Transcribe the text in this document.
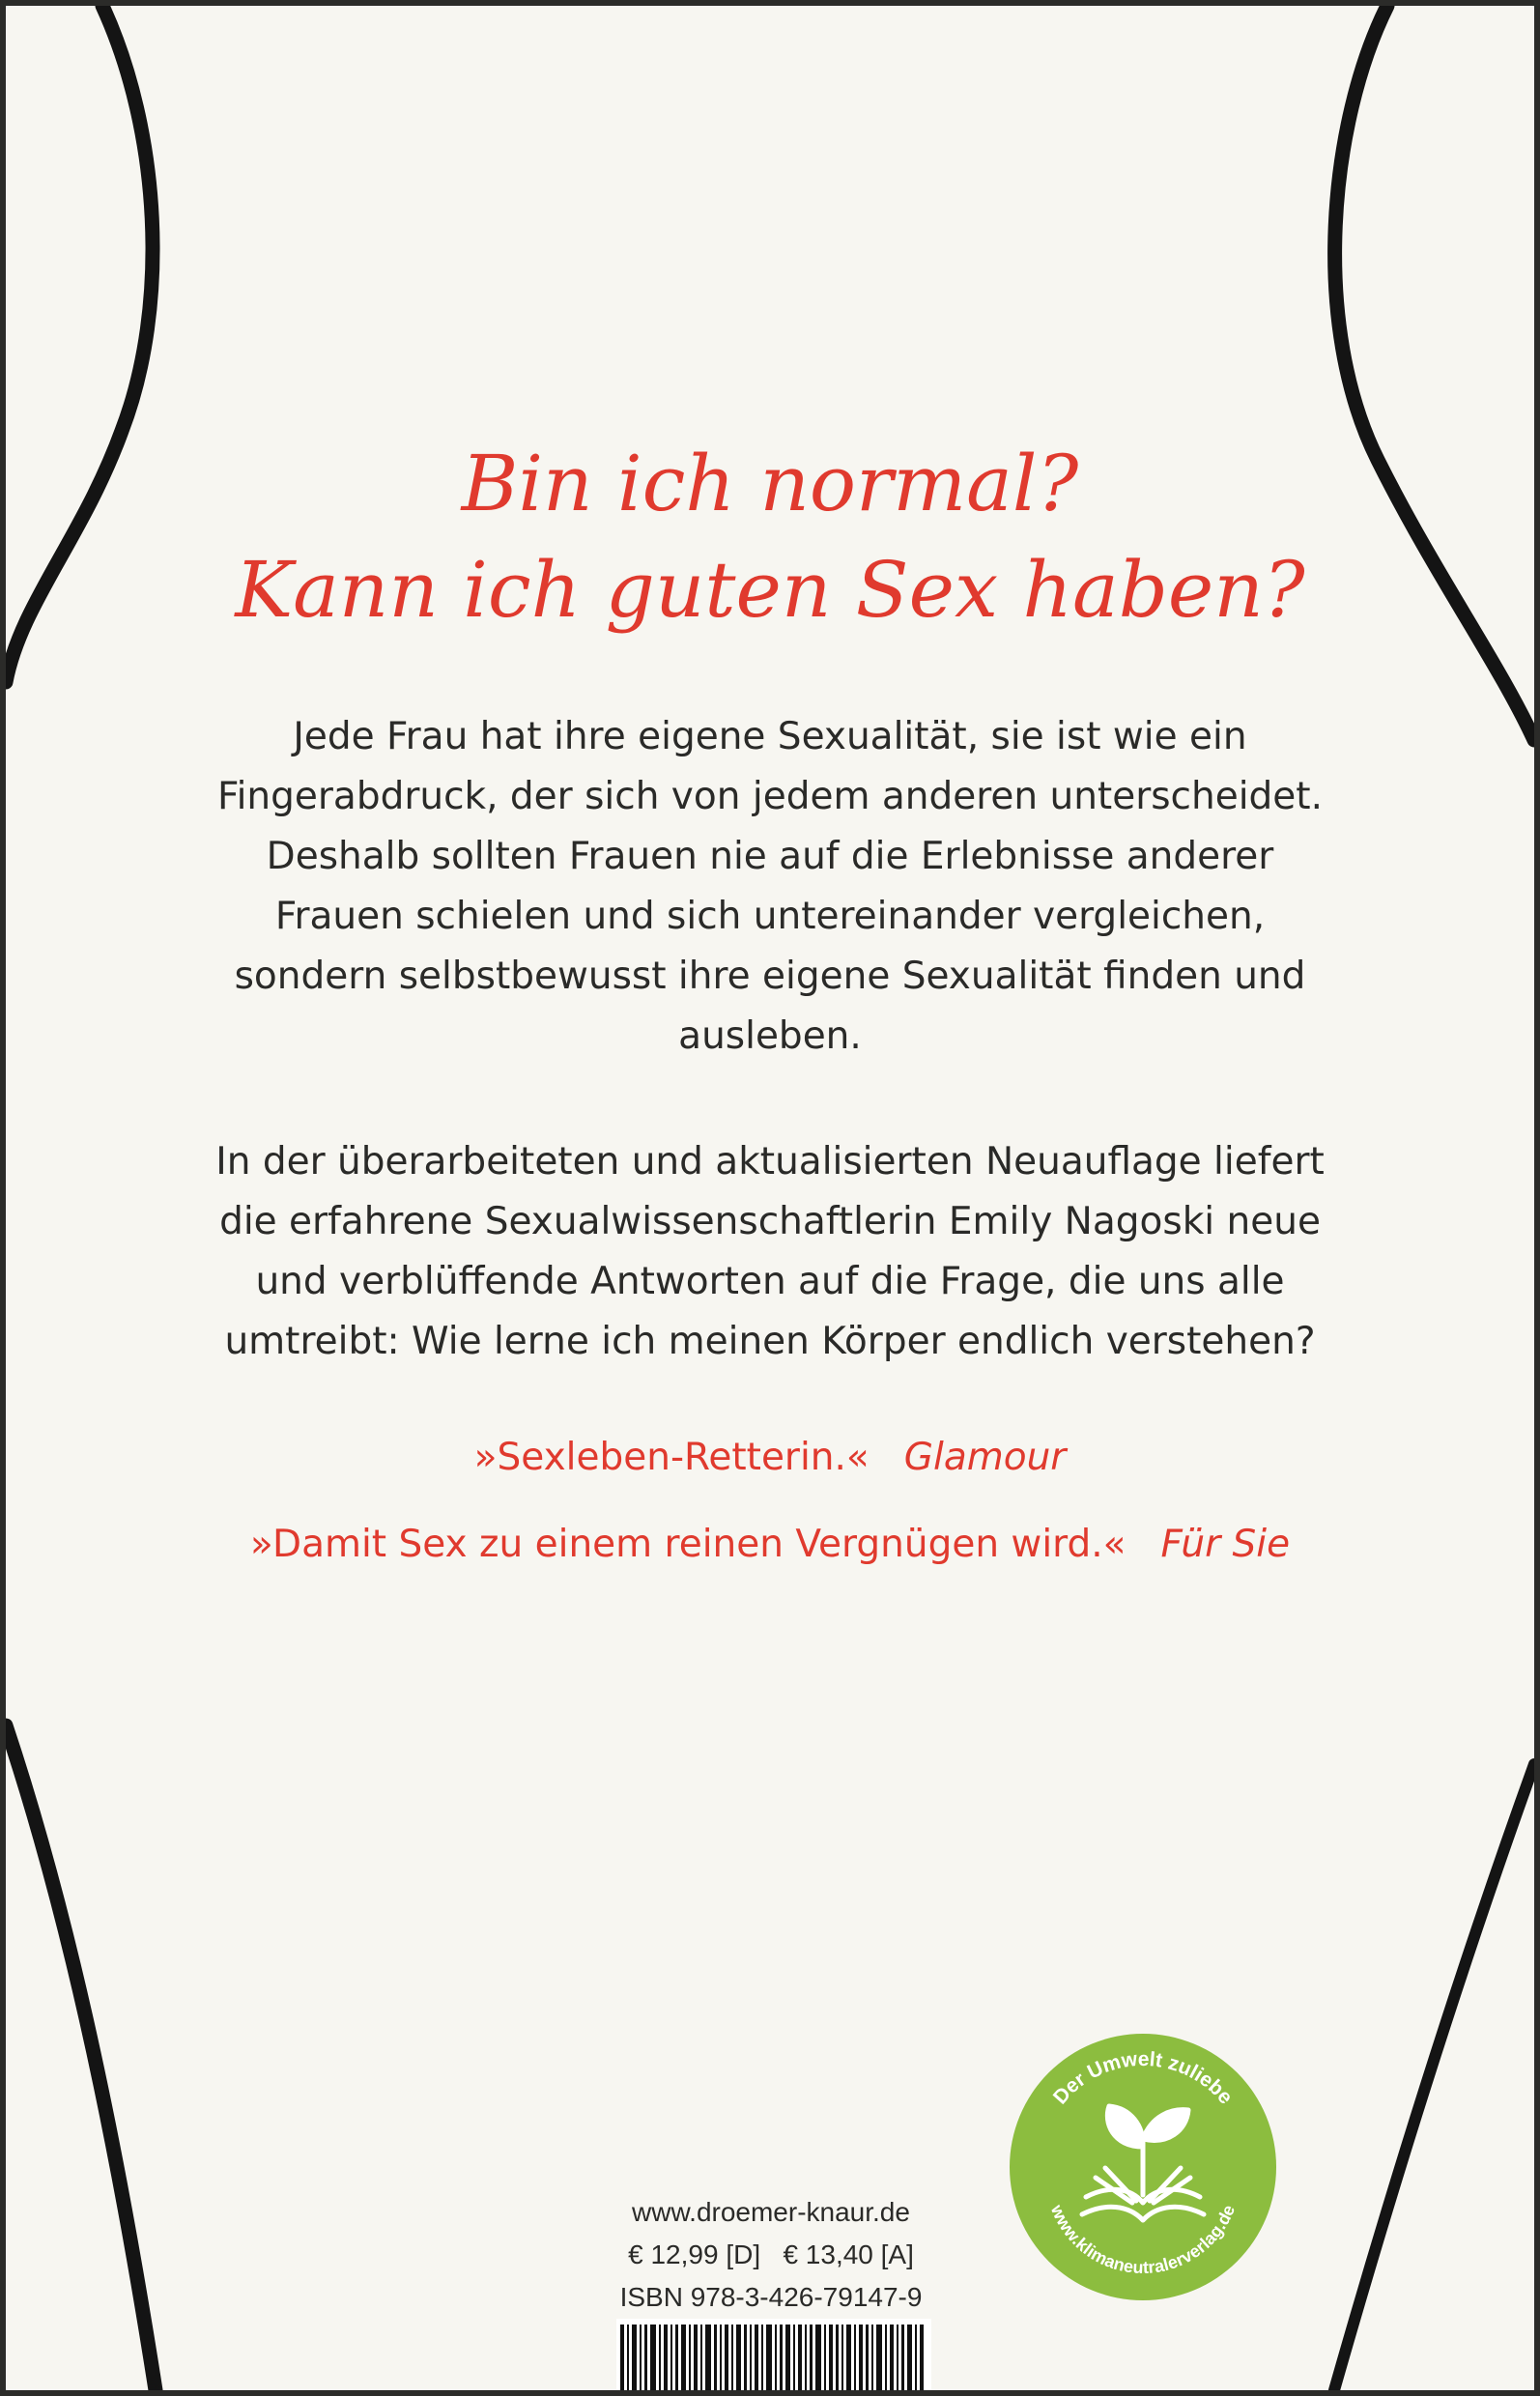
Bin ich normal?
Kann ich guten Sex haben?
Jede Frau hat ihre eigene Sexualität, sie ist wie ein
Fingerabdruck, der sich von jedem anderen unterscheidet.
Deshalb sollten Frauen nie auf die Erlebnisse anderer
Frauen schielen und sich untereinander vergleichen,
sondern selbstbewusst ihre eigene Sexualität finden und
ausleben.
In der überarbeiteten und aktualisierten Neuauflage liefert
die erfahrene Sexualwissenschaftlerin Emily Nagoski neue
und verblüffende Antworten auf die Frage, die uns alle
umtreibt: Wie lerne ich meinen Körper endlich verstehen?
»Sexleben-Retterin.« Glamour
»Damit Sex zu einem reinen Vergnügen wird.« Für Sie
www.droemer-knaur.de
€ 12,99 [D]   € 13,40 [A]
ISBN 978-3-426-79147-9
Der Umwelt zuliebe
www.klimaneutralerverlag.de
